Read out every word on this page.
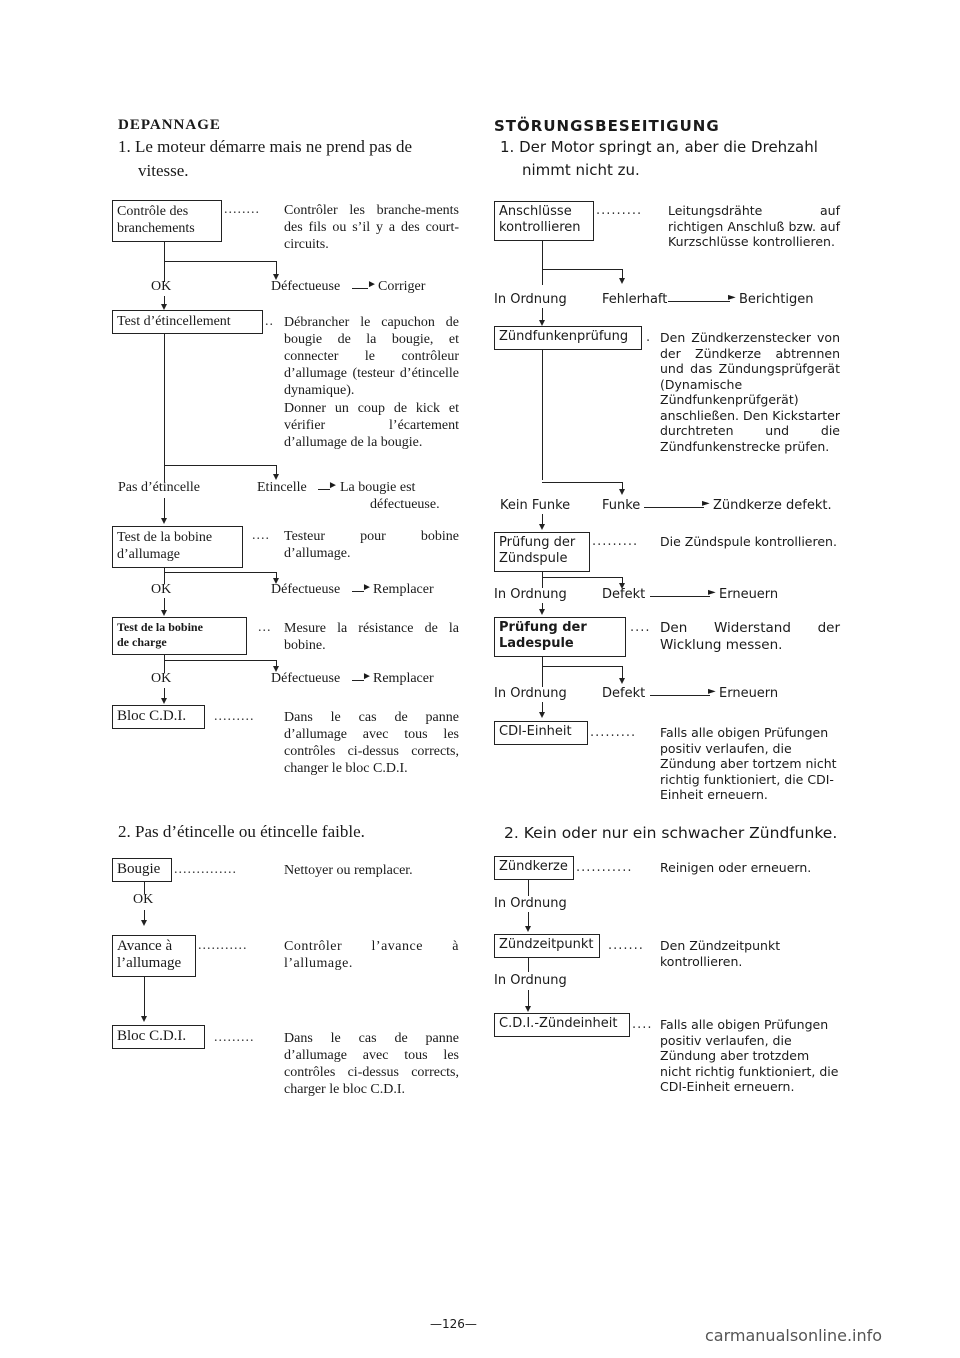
DEPANNAGE
1. Le moteur démarre mais ne prend pas de
vitesse.
Contrôle des
branchements
........ Contrôler les branche-ments des fils ou s’il y a des court-circuits.
OK	Défectueuse	► Corriger
Test d’étincellement	.. Débrancher le capuchon de bougie de la bougie, et connecter le contrôleur d’allumage (testeur d’étincelle dynamique).
Donner un coup de kick et vérifier l’écartement d’allumage de la bougie.
Pas d’étincelle	Etincelle ► La bougie est
défectueuse.
Test de la bobine
d’allumage
.... Testeur pour bobine d’allumage.
OK	Défectueuse ► Remplacer
Test de la bobine
de charge
... Mesure la résistance de la bobine.
OK	Défectueuse ► Remplacer
Bloc C.D.I.	......... Dans le cas de panne d’allumage avec tous les contrôles ci-dessus corrects, changer le bloc C.D.I.
2. Pas d’étincelle ou étincelle faible.
Bougie ..............	Nettoyer ou remplacer.
OK
Avance à
l’allumage
...........	Contrôler l’avance à l’allumage.
Bloc C.D.I.	......... Dans le cas de panne d’allumage avec tous les contrôles ci-dessus corrects, charger le bloc C.D.I.
STÖRUNGSBESEITIGUNG
1. Der Motor springt an, aber die Drehzahl
nimmt nicht zu.
Anschlüsse
kontrollieren
......... Leitungsdrähte auf richtigen Anschluß bzw. auf Kurzschlüsse kontrollieren.
In Ordnung	Fehlerhaft	► Berichtigen
Zündfunkenprüfung	. Den Zündkerzenstecker von der Zündkerze abtrennen und das Zündungsprüfgerät (Dynamische Zündfunkenprüfgerät) anschließen. Den Kickstarter durchtreten und die Zündfunkenstrecke prüfen.
Kein Funke Funke	► Zündkerze defekt.
Prüfung der
Zündspule
......... Die Zündspule kontrollieren.
In Ordnung	Defekt	► Erneuern
Prüfung der
Ladespule
.... Den Widerstand der Wicklung messen.
In Ordnung	Defekt	► Erneuern
CDI-Einheit	......... Falls alle obigen Prüfungen positiv verlaufen, die Zündung aber tortzem nicht richtig funktioniert, die CDI-Einheit erneuern.
2. Kein oder nur ein schwacher Zündfunke.
Zündkerze ........... Reinigen oder erneuern.
In Ordnung
Zündzeitpunkt	....... Den Zündzeitpunkt kontrollieren.
In Ordnung
C.D.I.-Zündeinheit	.... Falls alle obigen Prüfungen positiv verlaufen, die Zündung aber trotzdem nicht richtig funktioniert, die CDI-Einheit erneuern.
—126—
carmanualsonline.info
